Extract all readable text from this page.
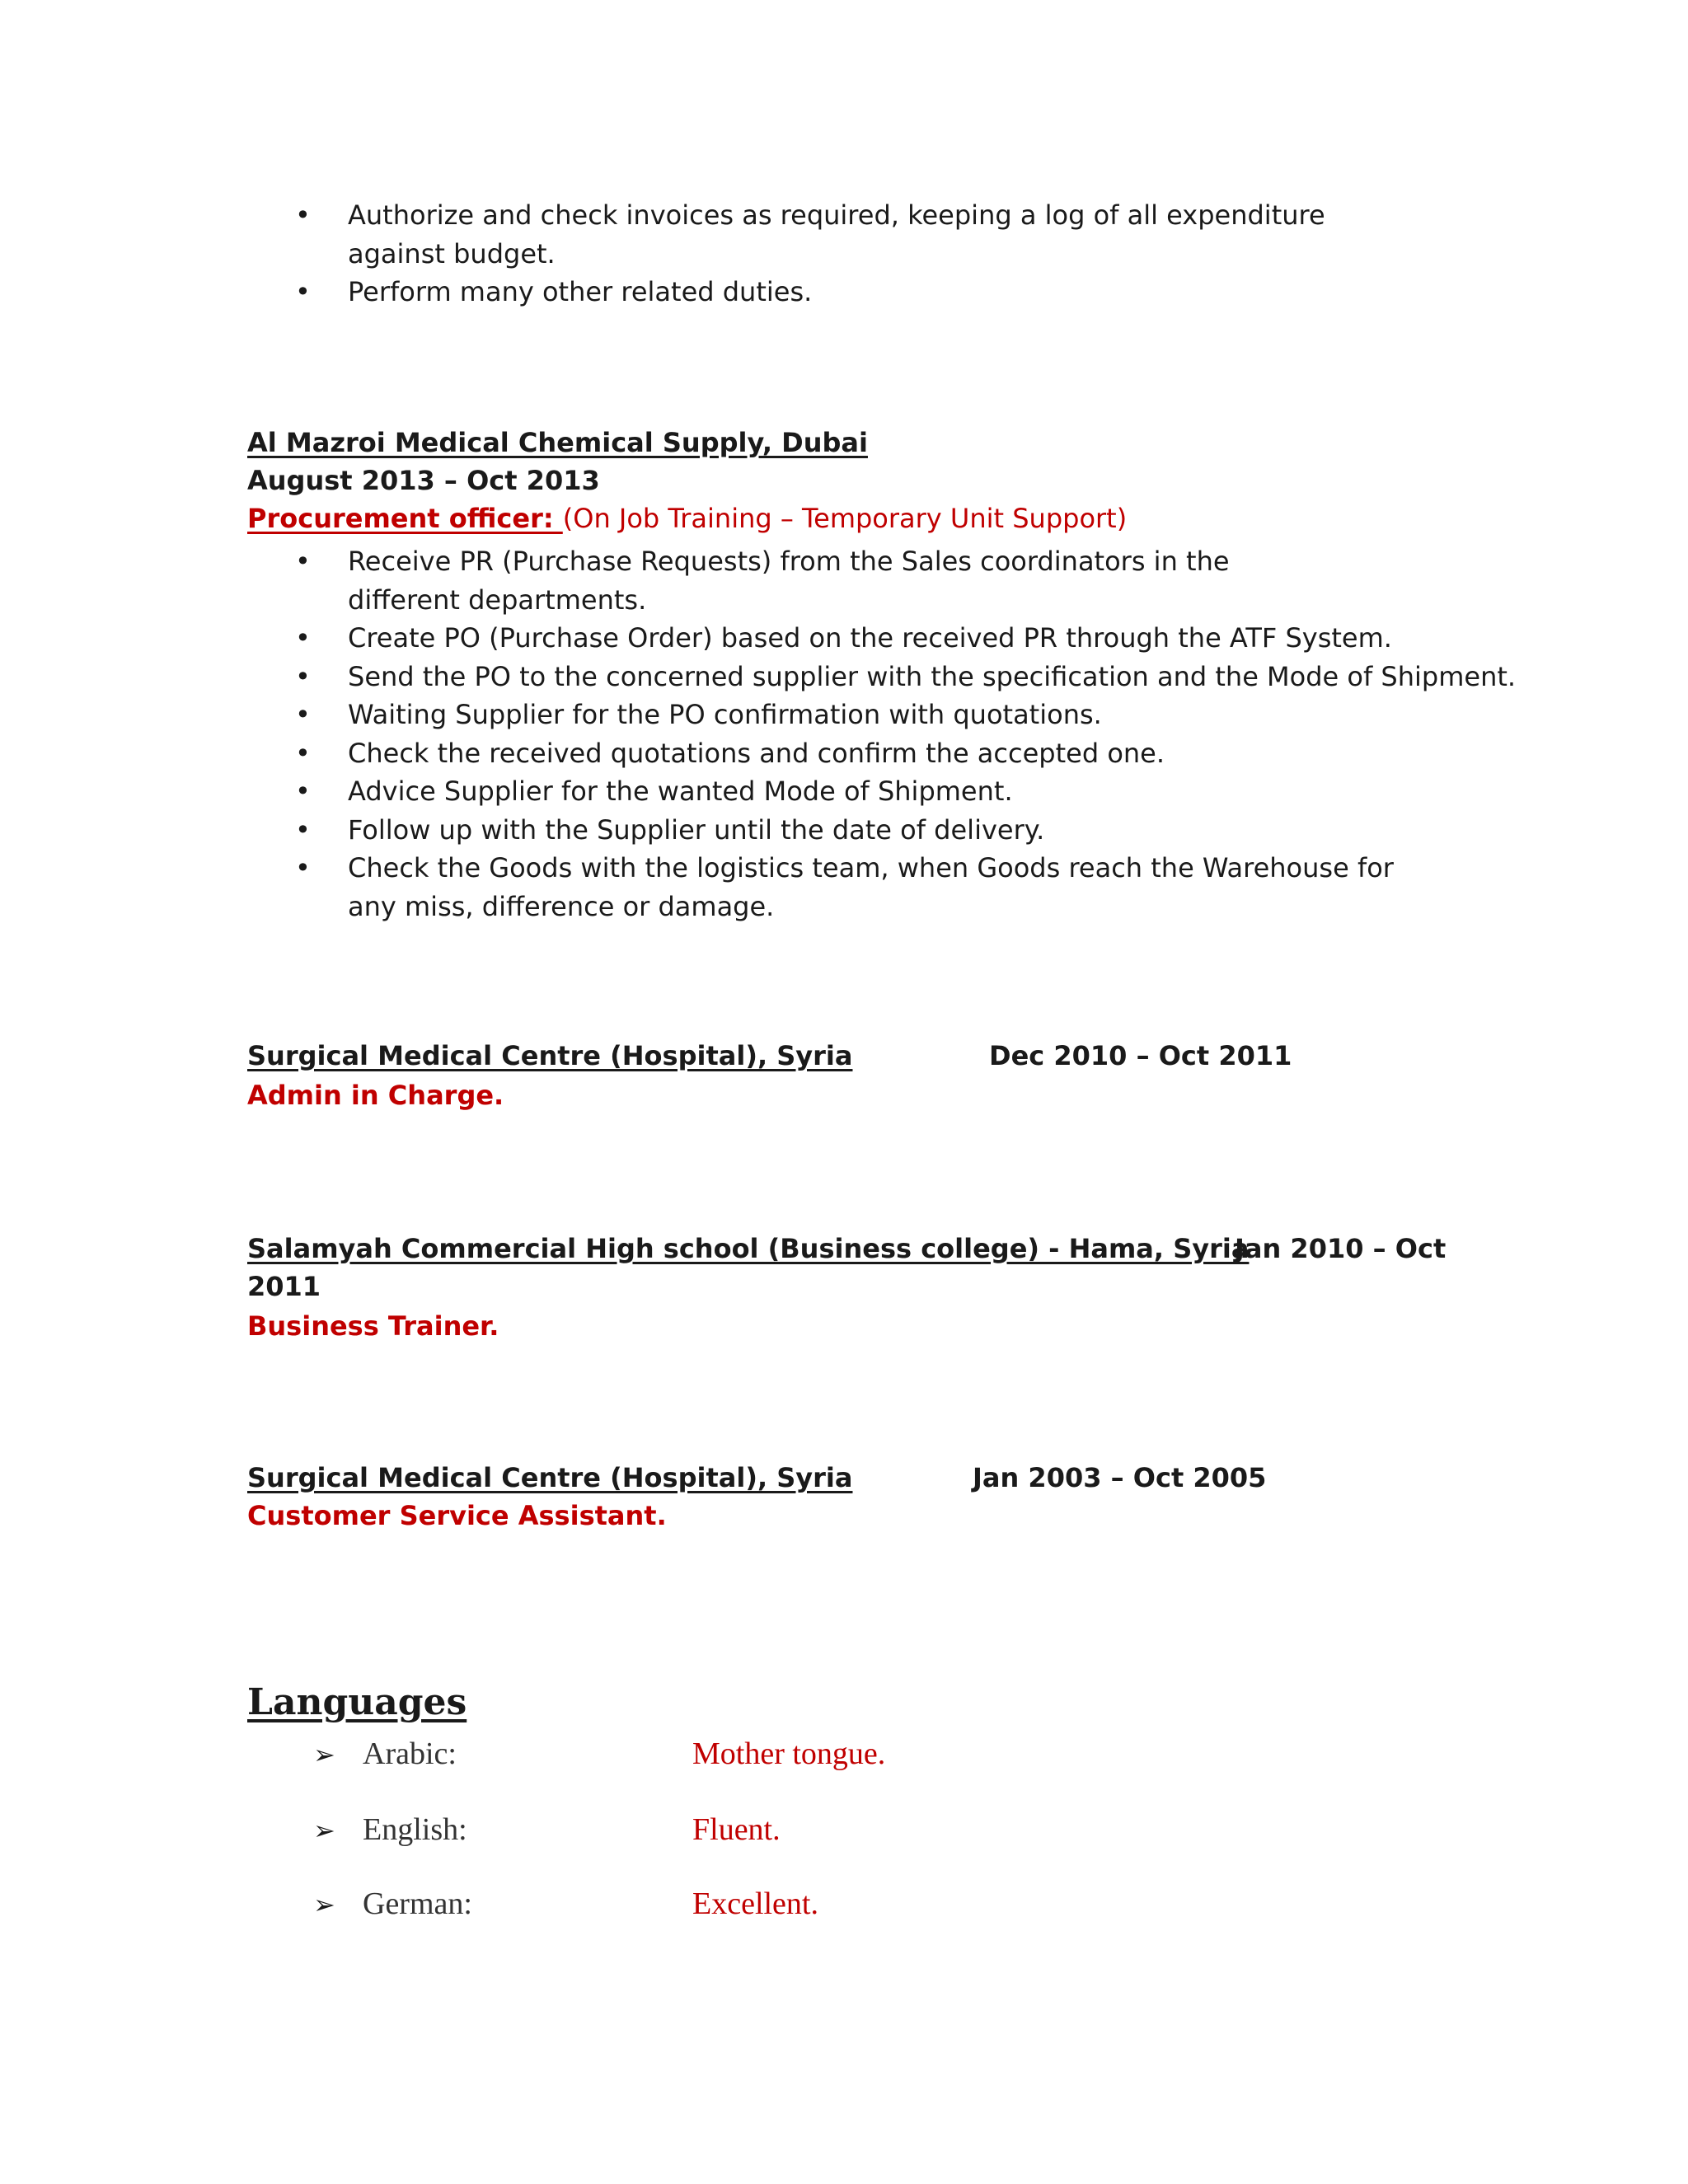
• Authorize and check invoices as required, keeping a log of all expenditure against budget.
• Perform many other related duties.
Al Mazroi Medical Chemical Supply, Dubai
August 2013 – Oct 2013
Procurement officer: (On Job Training – Temporary Unit Support)
• Receive PR (Purchase Requests) from the Sales coordinators in the different departments.
• Create PO (Purchase Order) based on the received PR through the ATF System.
• Send the PO to the concerned supplier with the specification and the Mode of Shipment.
• Waiting Supplier for the PO confirmation with quotations.
• Check the received quotations and confirm the accepted one.
• Advice Supplier for the wanted Mode of Shipment.
• Follow up with the Supplier until the date of delivery.
• Check the Goods with the logistics team, when Goods reach the Warehouse for any miss, difference or damage.
Surgical Medical Centre (Hospital), Syria	Dec 2010 – Oct 2011
Admin in Charge.
Salamyah Commercial High school (Business college) - Hama, Syria
Jan 2010 – Oct
2011
Business Trainer.
Surgical Medical Centre (Hospital), Syria	Jan 2003 – Oct 2005
Customer Service Assistant.
Languages
➢ Arabic:	Mother tongue.
➢ English:	Fluent.
➢ German:	Excellent.
